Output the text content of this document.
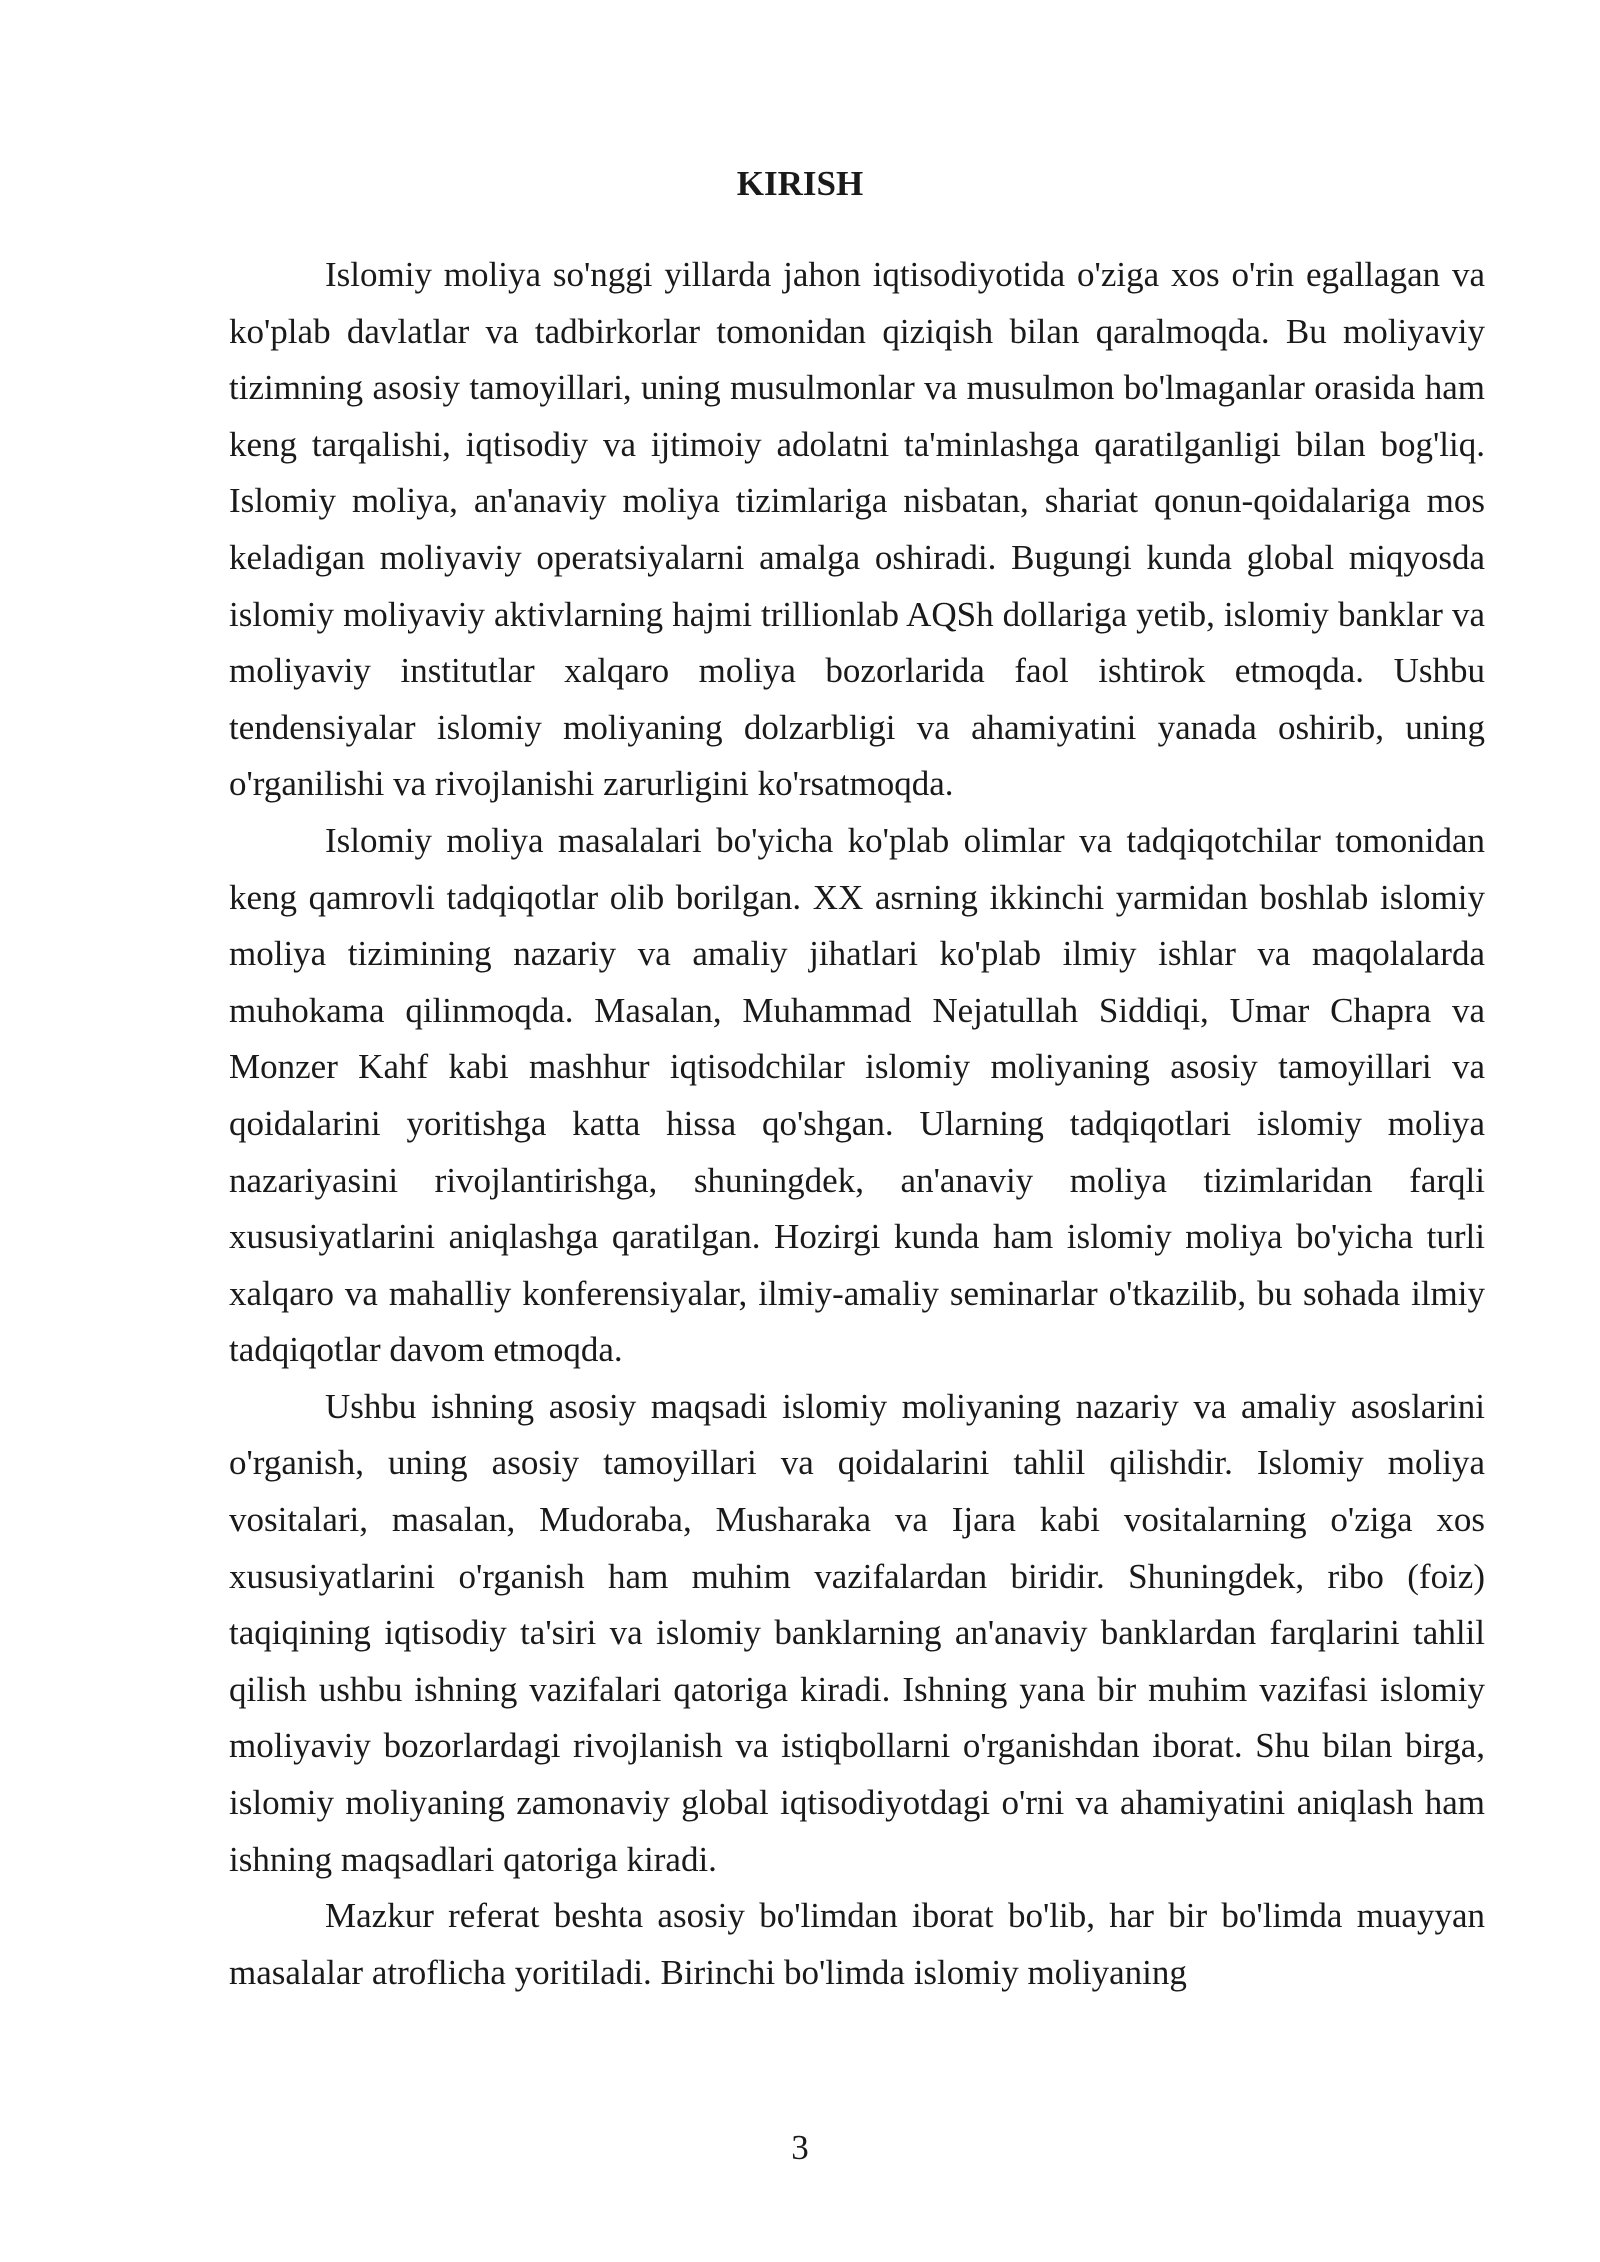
KIRISH

Islomiy moliya so'nggi yillarda jahon iqtisodiyotida o'ziga xos o'rin egallagan va ko'plab davlatlar va tadbirkorlar tomonidan qiziqish bilan qaralmoqda. Bu moliyaviy tizimning asosiy tamoyillari, uning musulmonlar va musulmon bo'lmaganlar orasida ham keng tarqalishi, iqtisodiy va ijtimoiy adolatni ta'minlashga qaratilganligi bilan bog'liq. Islomiy moliya, an'anaviy moliya tizimlariga nisbatan, shariat qonun-qoidalariga mos keladigan moliyaviy operatsiyalarni amalga oshiradi. Bugungi kunda global miqyosda islomiy moliyaviy aktivlarning hajmi trillionlab AQSh dollariga yetib, islomiy banklar va moliyaviy institutlar xalqaro moliya bozorlarida faol ishtirok etmoqda. Ushbu tendensiyalar islomiy moliyaning dolzarbligi va ahamiyatini yanada oshirib, uning o'rganilishi va rivojlanishi zarurligini ko'rsatmoqda.

Islomiy moliya masalalari bo'yicha ko'plab olimlar va tadqiqotchilar tomonidan keng qamrovli tadqiqotlar olib borilgan. XX asrning ikkinchi yarmidan boshlab islomiy moliya tizimining nazariy va amaliy jihatlari ko'plab ilmiy ishlar va maqolalarda muhokama qilinmoqda. Masalan, Muhammad Nejatullah Siddiqi, Umar Chapra va Monzer Kahf kabi mashhur iqtisodchilar islomiy moliyaning asosiy tamoyillari va qoidalarini yoritishga katta hissa qo'shgan. Ularning tadqiqotlari islomiy moliya nazariyasini rivojlantirishga, shuningdek, an'anaviy moliya tizimlaridan farqli xususiyatlarini aniqlashga qaratilgan. Hozirgi kunda ham islomiy moliya bo'yicha turli xalqaro va mahalliy konferensiyalar, ilmiy-amaliy seminarlar o'tkazilib, bu sohada ilmiy tadqiqotlar davom etmoqda.

Ushbu ishning asosiy maqsadi islomiy moliyaning nazariy va amaliy asoslarini o'rganish, uning asosiy tamoyillari va qoidalarini tahlil qilishdir. Islomiy moliya vositalari, masalan, Mudoraba, Musharaka va Ijara kabi vositalarning o'ziga xos xususiyatlarini o'rganish ham muhim vazifalardan biridir. Shuningdek, ribo (foiz) taqiqining iqtisodiy ta'siri va islomiy banklarning an'anaviy banklardan farqlarini tahlil qilish ushbu ishning vazifalari qatoriga kiradi. Ishning yana bir muhim vazifasi islomiy moliyaviy bozorlardagi rivojlanish va istiqbollarni o'rganishdan iborat. Shu bilan birga, islomiy moliyaning zamonaviy global iqtisodiyotdagi o'rni va ahamiyatini aniqlash ham ishning maqsadlari qatoriga kiradi.

Mazkur referat beshta asosiy bo'limdan iborat bo'lib, har bir bo'limda muayyan masalalar atroflicha yoritiladi. Birinchi bo'limda islomiy moliyaning

3
